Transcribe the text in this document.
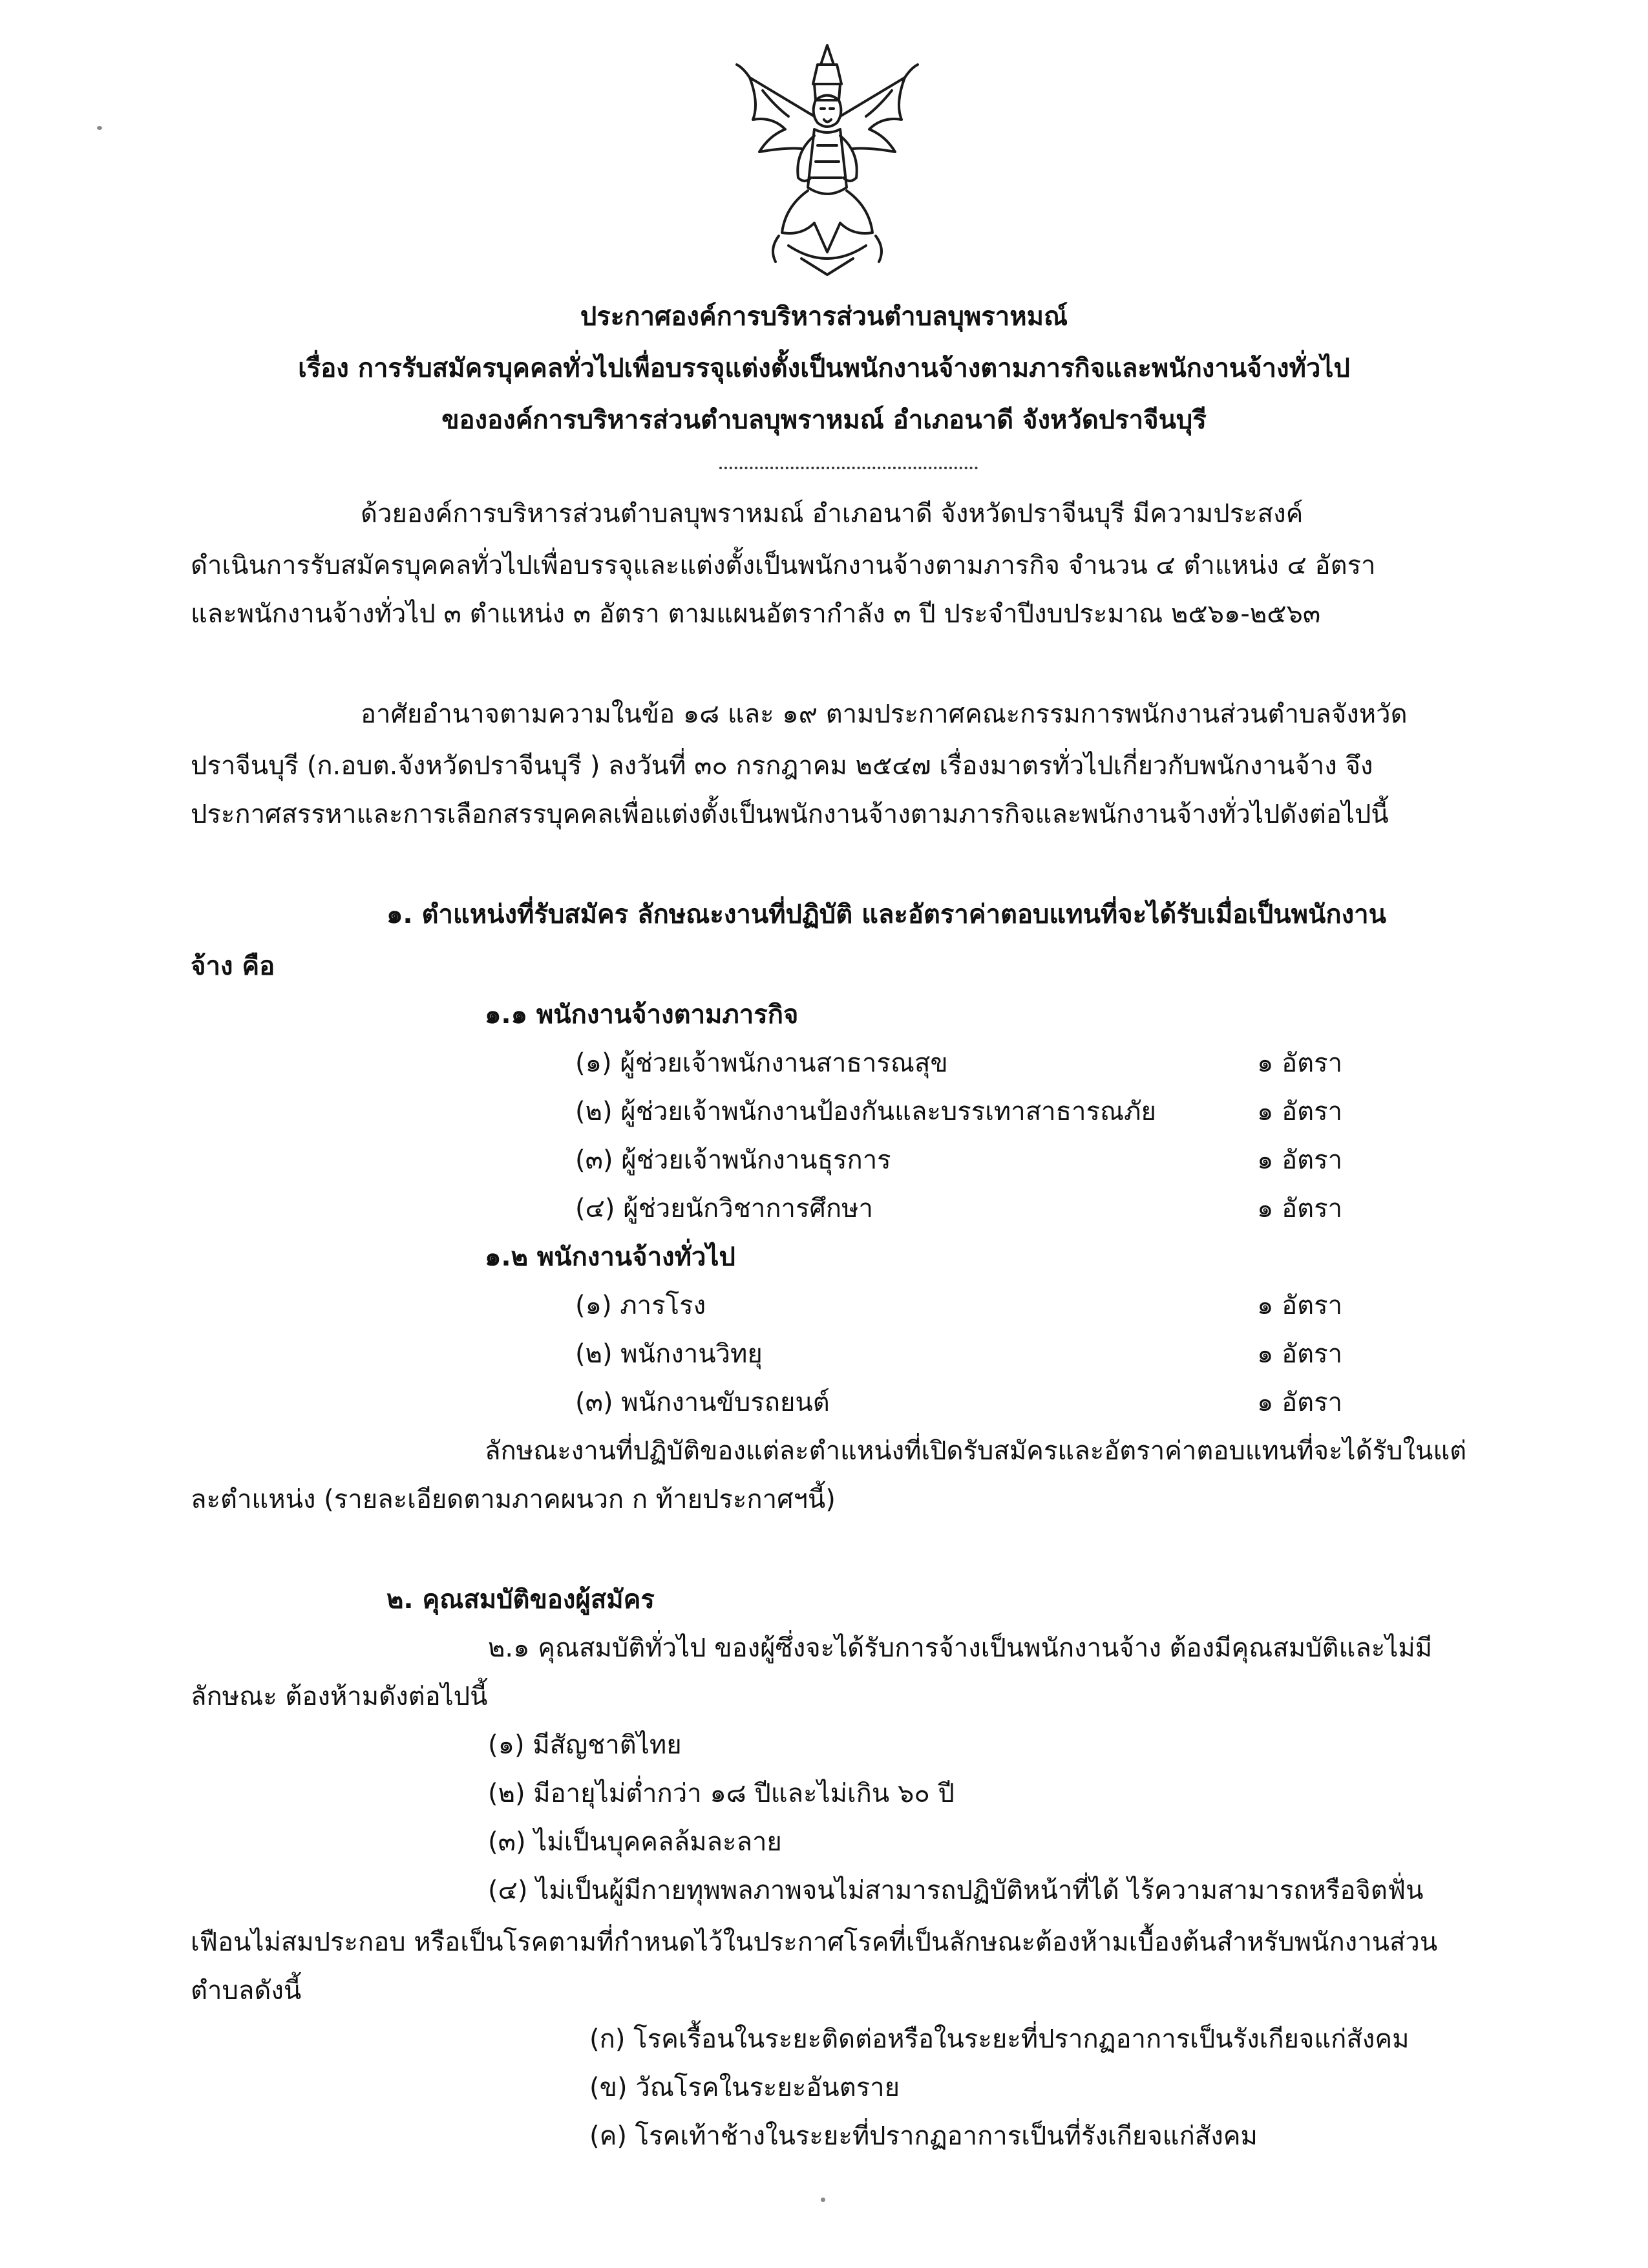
ประกาศองค์การบริหารส่วนตำบลบุพราหมณ์
เรื่อง การรับสมัครบุคคลทั่วไปเพื่อบรรจุแต่งตั้งเป็นพนักงานจ้างตามภารกิจและพนักงานจ้างทั่วไป
ขององค์การบริหารส่วนตำบลบุพราหมณ์ อำเภอนาดี จังหวัดปราจีนบุรี
ด้วยองค์การบริหารส่วนตำบลบุพราหมณ์ อำเภอนาดี จังหวัดปราจีนบุรี มีความประสงค์
ดำเนินการรับสมัครบุคคลทั่วไปเพื่อบรรจุและแต่งตั้งเป็นพนักงานจ้างตามภารกิจ จำนวน ๔ ตำแหน่ง ๔ อัตรา
และพนักงานจ้างทั่วไป ๓ ตำแหน่ง ๓ อัตรา ตามแผนอัตรากำลัง ๓ ปี ประจำปีงบประมาณ ๒๕๖๑-๒๕๖๓
อาศัยอำนาจตามความในข้อ ๑๘ และ ๑๙ ตามประกาศคณะกรรมการพนักงานส่วนตำบลจังหวัด
ปราจีนบุรี (ก.อบต.จังหวัดปราจีนบุรี ) ลงวันที่ ๓๐ กรกฎาคม ๒๕๔๗ เรื่องมาตรทั่วไปเกี่ยวกับพนักงานจ้าง จึง
ประกาศสรรหาและการเลือกสรรบุคคลเพื่อแต่งตั้งเป็นพนักงานจ้างตามภารกิจและพนักงานจ้างทั่วไปดังต่อไปนี้
๑. ตำแหน่งที่รับสมัคร ลักษณะงานที่ปฏิบัติ และอัตราค่าตอบแทนที่จะได้รับเมื่อเป็นพนักงาน
จ้าง คือ
๑.๑ พนักงานจ้างตามภารกิจ
(๑) ผู้ช่วยเจ้าพนักงานสาธารณสุข	๑ อัตรา
(๒) ผู้ช่วยเจ้าพนักงานป้องกันและบรรเทาสาธารณภัย	๑ อัตรา
(๓) ผู้ช่วยเจ้าพนักงานธุรการ	๑ อัตรา
(๔) ผู้ช่วยนักวิชาการศึกษา	๑ อัตรา
๑.๒ พนักงานจ้างทั่วไป
(๑) ภารโรง	๑ อัตรา
(๒) พนักงานวิทยุ	๑ อัตรา
(๓) พนักงานขับรถยนต์	๑ อัตรา
ลักษณะงานที่ปฏิบัติของแต่ละตำแหน่งที่เปิดรับสมัครและอัตราค่าตอบแทนที่จะได้รับในแต่
ละตำแหน่ง (รายละเอียดตามภาคผนวก ก ท้ายประกาศฯนี้)
๒. คุณสมบัติของผู้สมัคร
๒.๑ คุณสมบัติทั่วไป ของผู้ซึ่งจะได้รับการจ้างเป็นพนักงานจ้าง ต้องมีคุณสมบัติและไม่มี
ลักษณะ ต้องห้ามดังต่อไปนี้
(๑) มีสัญชาติไทย
(๒) มีอายุไม่ต่ำกว่า ๑๘ ปีและไม่เกิน ๖๐ ปี
(๓) ไม่เป็นบุคคลล้มละลาย
(๔) ไม่เป็นผู้มีกายทุพพลภาพจนไม่สามารถปฏิบัติหน้าที่ได้ ไร้ความสามารถหรือจิตฟั่น
เฟือนไม่สมประกอบ หรือเป็นโรคตามที่กำหนดไว้ในประกาศโรคที่เป็นลักษณะต้องห้ามเบื้องต้นสำหรับพนักงานส่วน
ตำบลดังนี้
(ก) โรคเรื้อนในระยะติดต่อหรือในระยะที่ปรากฏอาการเป็นรังเกียจแก่สังคม
(ข) วัณโรคในระยะอันตราย
(ค) โรคเท้าช้างในระยะที่ปรากฏอาการเป็นที่รังเกียจแก่สังคม
